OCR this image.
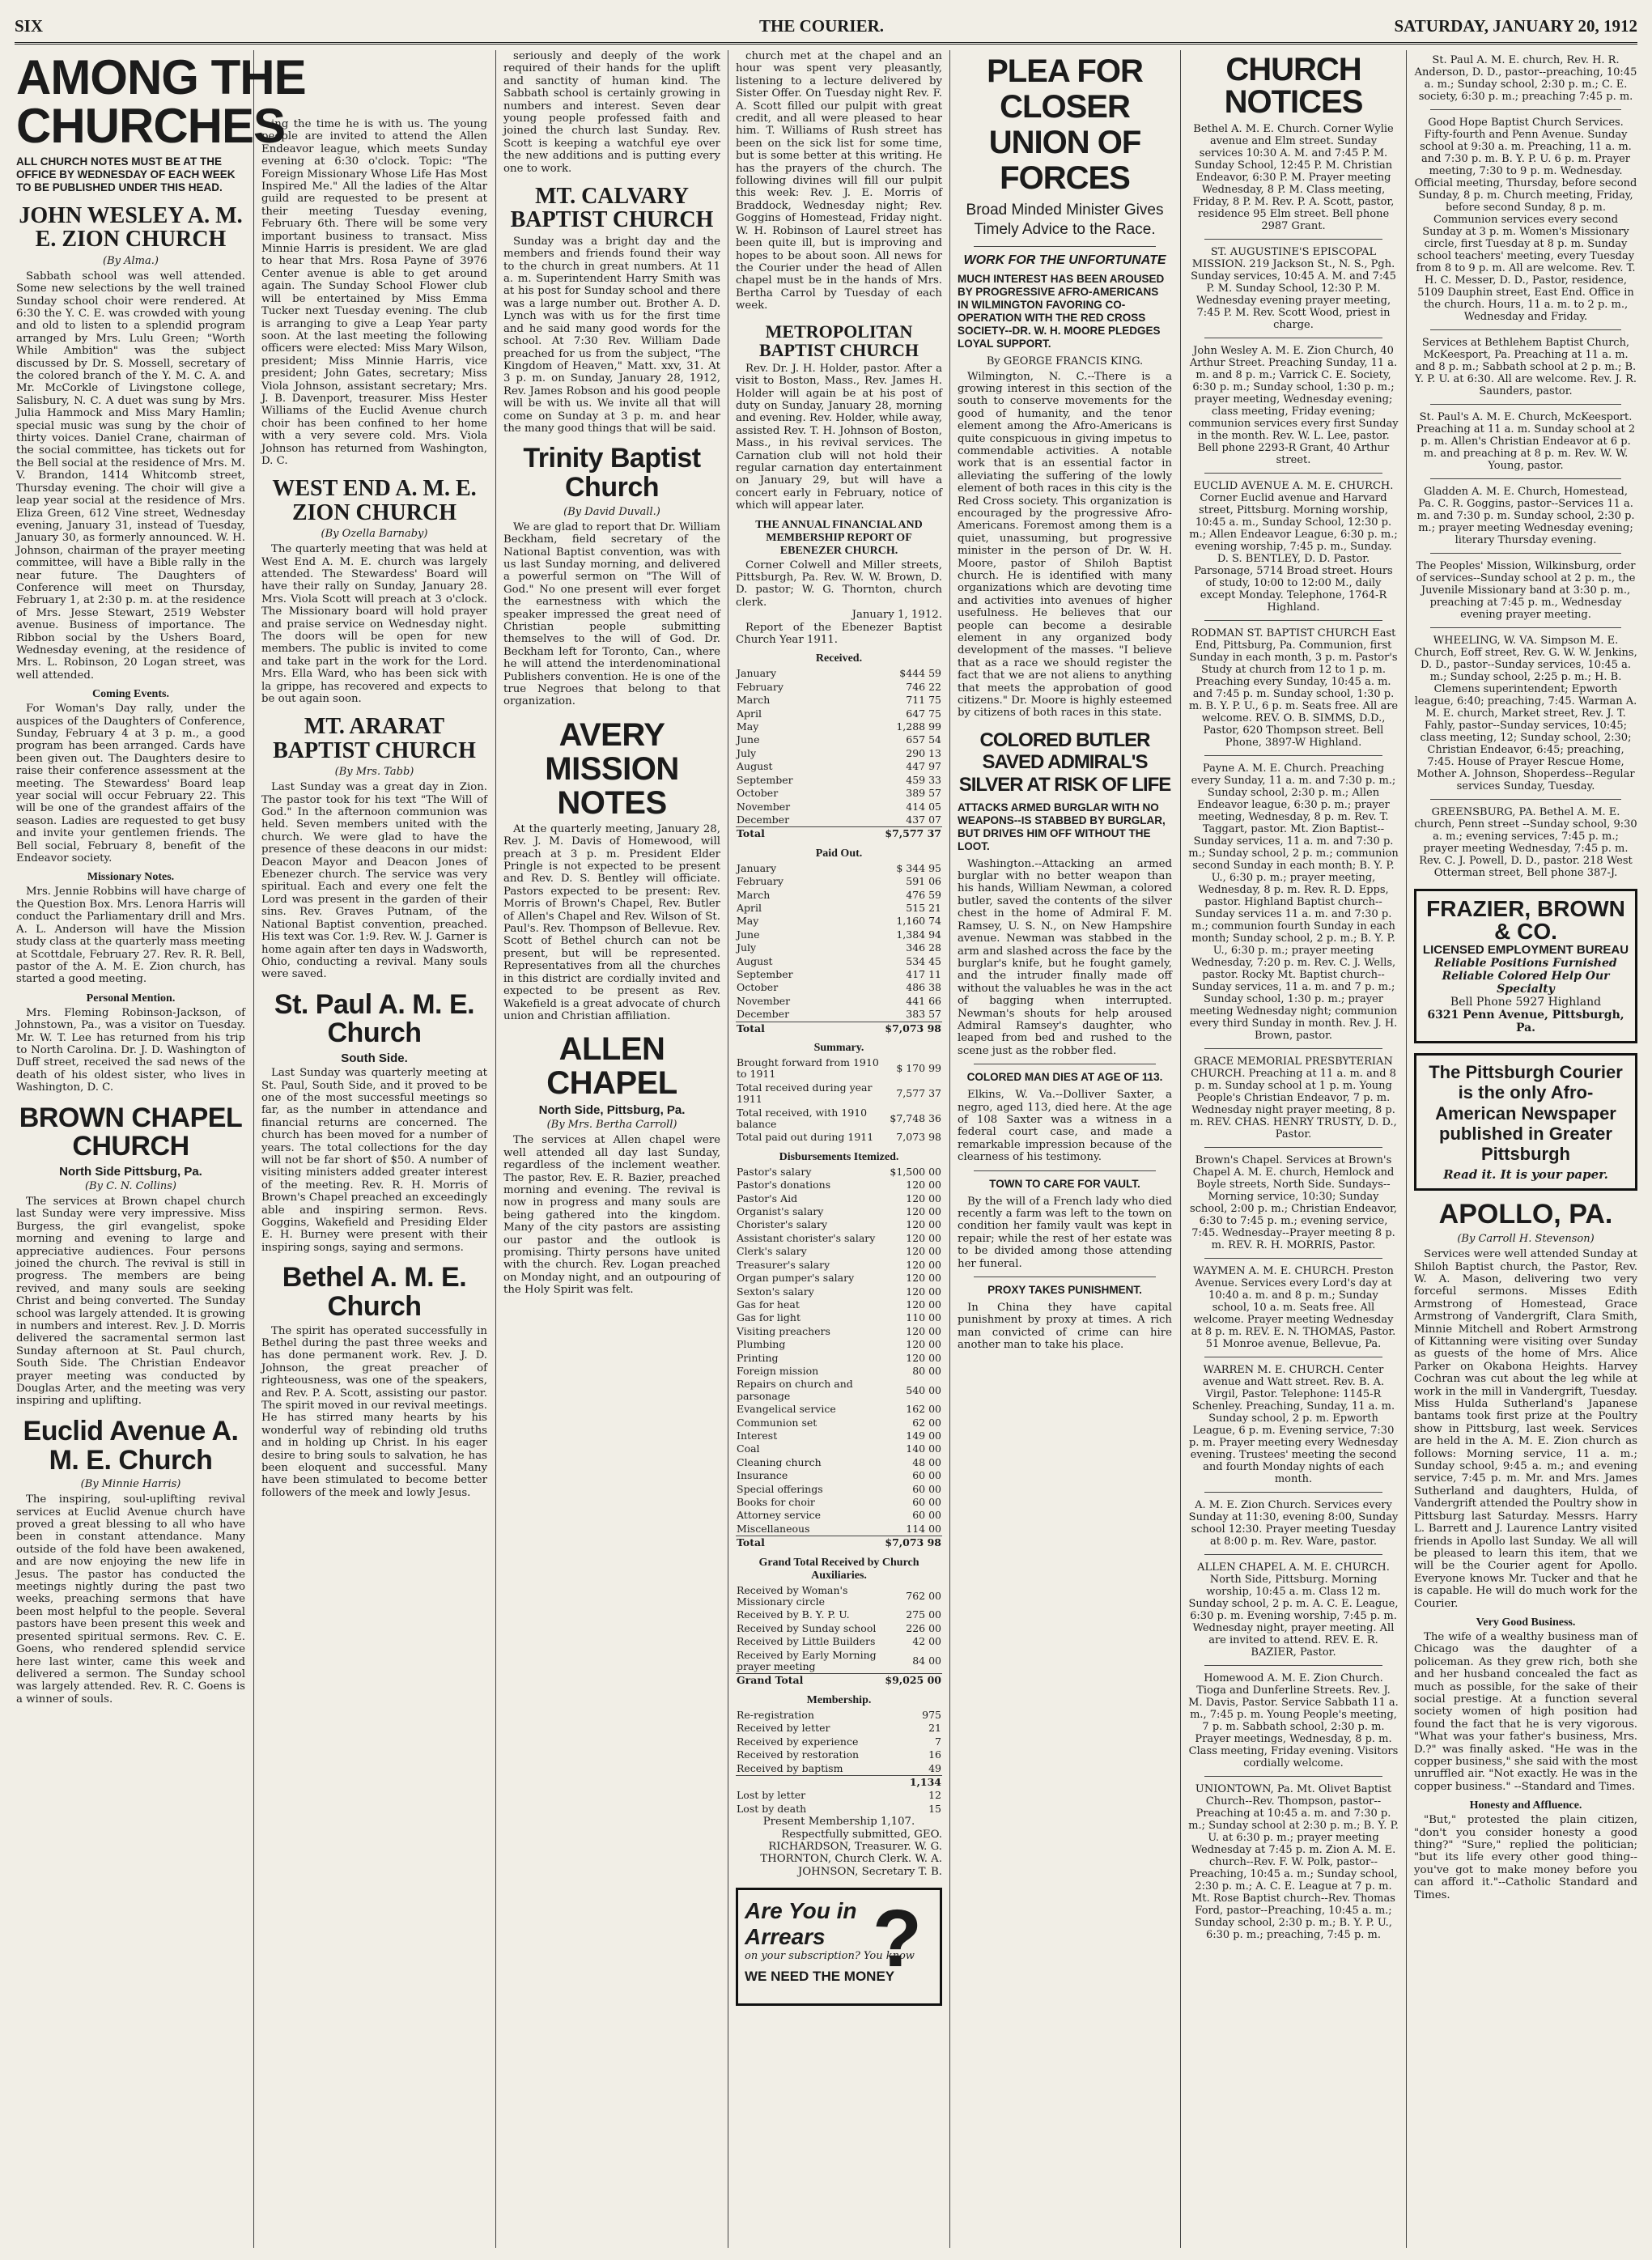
SIX	THE COURIER.	SATURDAY, JANUARY 20, 1912
AMONG THE CHURCHES
ALL CHURCH NOTES MUST BE AT THE OFFICE BY WEDNESDAY OF EACH WEEK TO BE PUBLISHED UNDER THIS HEAD.
JOHN WESLEY A. M. E. ZION CHURCH
(By Alma.)

Sabbath school was well attended. Some new selections by the well trained Sunday school choir were rendered. At 6:30 the Y. C. E. was crowded with young and old to listen to a splendid program arranged by Mrs. Lulu Green; "Worth While Ambition" was the subject discussed by Dr. S. Mossell, secretary of the colored branch of the Y. M. C. A. and Mr. McCorkle of Livingstone college, Salisbury, N. C. A duet was sung by Mrs. Julia Hammock and Miss Mary Hamlin; special music was sung by the choir of thirty voices. Daniel Crane, chairman of the social committee, has tickets out for the Bell social at the residence of Mrs. M. V. Brandon, 1414 Whitcomb street, Thursday evening. The choir will give a leap year social at the residence of Mrs. Eliza Green, 612 Vine street, Wednesday evening, January 31, instead of Tuesday, January 30, as formerly announced. W. H. Johnson, chairman of the prayer meeting committee, will have a Bible rally in the near future. The Daughters of Conference will meet on Thursday, February 1, at 2:30 p. m. at the residence of Mrs. Jesse Stewart, 2519 Webster avenue. Business of importance. The Ribbon social by the Ushers Board, Wednesday evening, at the residence of Mrs. L. Robinson, 20 Logan street, was well attended.

Coming Events.

For Woman's Day rally, under the auspices of the Daughters of Conference, Sunday, February 4 at 3 p. m., a good program has been arranged. Cards have been given out. The Daughters desire to raise their conference assessment at the meeting. The Stewardess' Board leap year social will occur February 22. This will be one of the grandest affairs of the season. Ladies are requested to get busy and invite your gentlemen friends. The Bell social, February 8, benefit of the Endeavor society.

Missionary Notes.

Mrs. Jennie Robbins will have charge of the Question Box. Mrs. Lenora Harris will conduct the Parliamentary drill and Mrs. A. L. Anderson will have the Mission study class at the quarterly mass meeting at Scottdale, February 27. Rev. R. R. Bell, pastor of the A. M. E. Zion church, has started a good meeting.

Personal Mention.

Mrs. Fleming Robinson-Jackson, of Johnstown, Pa., was a visitor on Tuesday. Mr. W. T. Lee has returned from his trip to North Carolina. Dr. J. D. Washington of Duff street, received the sad news of the death of his oldest sister, who lives in Washington, D. C.

BROWN CHAPEL CHURCH
North Side Pittsburg, Pa.
(By C. N. Collins)

The services at Brown chapel church last Sunday were very impressive. Miss Burgess, the girl evangelist, spoke morning and evening to large and appreciative audiences. Four persons joined the church. The revival is still in progress. The members are being revived, and many souls are seeking Christ and being converted. The Sunday school was largely attended. It is growing in numbers and interest. Rev. J. D. Morris delivered the sacramental sermon last Sunday afternoon at St. Paul church, South Side. The Christian Endeavor prayer meeting was conducted by Douglas Arter, and the meeting was very inspiring and uplifting.

Euclid Avenue A. M. E. Church
(By Minnie Harris)

The inspiring, soul-uplifting revival services at Euclid Avenue church have proved a great blessing to all who have been in constant attendance. Many outside of the fold have been awakened, and are now enjoying the new life in Jesus. The pastor has conducted the meetings nightly during the past two weeks, preaching sermons that have been most helpful to the people. Several pastors have been present this week and presented spiritual sermons. Rev. C. E. Goens, who rendered splendid service here last winter, came this week and delivered a sermon. The Sunday school was largely attended. Rev. R. C. Goens is a winner of souls.

ing the time he is with us. The young people are invited to attend the Allen Endeavor league, which meets Sunday evening at 6:30 o'clock. Topic: "The Foreign Missionary Whose Life Has Most Inspired Me." All the ladies of the Altar guild are requested to be present at their meeting Tuesday evening, February 6th. There will be some very important business to transact. Miss Minnie Harris is president. We are glad to hear that Mrs. Rosa Payne of 3976 Center avenue is able to get around again. The Sunday School Flower club will be entertained by Miss Emma Tucker next Tuesday evening. The club is arranging to give a Leap Year party soon. At the last meeting the following officers were elected: Miss Mary Wilson, president; Miss Minnie Harris, vice president; John Gates, secretary; Miss Viola Johnson, assistant secretary; Mrs. J. B. Davenport, treasurer. Miss Hester Williams of the Euclid Avenue church choir has been confined to her home with a very severe cold. Mrs. Viola Johnson has returned from Washington, D. C.

WEST END A. M. E. ZION CHURCH
(By Ozella Barnaby)

The quarterly meeting that was held at West End A. M. E. church was largely attended. The Stewardess' Board will have their rally on Sunday, January 28. Mrs. Viola Scott will preach at 3 o'clock. The Missionary board will hold prayer and praise service on Wednesday night. The doors will be open for new members. The public is invited to come and take part in the work for the Lord. Mrs. Ella Ward, who has been sick with la grippe, has recovered and expects to be out again soon.

MT. ARARAT BAPTIST CHURCH
(By Mrs. Tabb)

Last Sunday was a great day in Zion. The pastor took for his text "The Will of God." In the afternoon communion was held. Seven members united with the church. We were glad to have the presence of these deacons in our midst: Deacon Mayor and Deacon Jones of Ebenezer church. The service was very spiritual. Each and every one felt the Lord was present in the garden of their sins. Rev. Graves Putnam, of the National Baptist convention, preached. His text was Cor. 1:9. Rev. W. J. Garner is home again after ten days in Wadsworth, Ohio, conducting a revival. Many souls were saved.

St. Paul A. M. E. Church
South Side.

Last Sunday was quarterly meeting at St. Paul, South Side, and it proved to be one of the most successful meetings so far, as the number in attendance and financial returns are concerned. The church has been moved for a number of years. The total collections for the day will not be far short of $50. A number of visiting ministers added greater interest of the meeting. Rev. R. H. Morris of Brown's Chapel preached an exceedingly able and inspiring sermon. Revs. Goggins, Wakefield and Presiding Elder E. H. Burney were present with their inspiring songs, saying and sermons.

Bethel A. M. E. Church

The spirit has operated successfully in Bethel during the past three weeks and has done permanent work. Rev. J. D. Johnson, the great preacher of righteousness, was one of the speakers, and Rev. P. A. Scott, assisting our pastor. The spirit moved in our revival meetings. He has stirred many hearts by his wonderful way of rebinding old truths and in holding up Christ. In his eager desire to bring souls to salvation, he has been eloquent and successful. Many have been stimulated to become better followers of the meek and lowly Jesus.

seriously and deeply of the work required of their hands for the uplift and sanctity of human kind. The Sabbath school is certainly growing in numbers and interest. Seven dear young people professed faith and joined the church last Sunday. Rev. Scott is keeping a watchful eye over the new additions and is putting every one to work.

MT. CALVARY BAPTIST CHURCH

Sunday was a bright day and the members and friends found their way to the church in great numbers. At 11 a. m. Superintendent Harry Smith was at his post for Sunday school and there was a large number out. Brother A. D. Lynch was with us for the first time and he said many good words for the school. At 7:30 Rev. William Dade preached for us from the subject, "The Kingdom of Heaven," Matt. xxv, 31. At 3 p. m. on Sunday, January 28, 1912, Rev. James Robson and his good people will be with us. We invite all that will come on Sunday at 3 p. m. and hear the many good things that will be said.

Trinity Baptist Church
(By David Duvall.)

We are glad to report that Dr. William Beckham, field secretary of the National Baptist convention, was with us last Sunday morning, and delivered a powerful sermon on "The Will of God." No one present will ever forget the earnestness with which the speaker impressed the great need of Christian people submitting themselves to the will of God. Dr. Beckham left for Toronto, Can., where he will attend the interdenominational Publishers convention. He is one of the true Negroes that belong to that organization.

AVERY MISSION NOTES

At the quarterly meeting, January 28, Rev. J. M. Davis of Homewood, will preach at 3 p. m. President Elder Pringle is not expected to be present and Rev. D. S. Bentley will officiate. Pastors expected to be present: Rev. Morris of Brown's Chapel, Rev. Butler of Allen's Chapel and Rev. Wilson of St. Paul's. Rev. Thompson of Bellevue. Rev. Scott of Bethel church can not be present, but will be represented. Representatives from all the churches in this district are cordially invited and expected to be present as Rev. Wakefield is a great advocate of church union and Christian affiliation.

ALLEN CHAPEL
North Side, Pittsburg, Pa.
(By Mrs. Bertha Carroll)

The services at Allen chapel were well attended all day last Sunday, regardless of the inclement weather. The pastor, Rev. E. R. Bazier, preached morning and evening. The revival is now in progress and many souls are being gathered into the kingdom. Many of the city pastors are assisting our pastor and the outlook is promising. Thirty persons have united with the church. Rev. Logan preached on Monday night, and an outpouring of the Holy Spirit was felt.

church met at the chapel and an hour was spent very pleasantly, listening to a lecture delivered by Sister Offer. On Tuesday night Rev. F. A. Scott filled our pulpit with great credit, and all were pleased to hear him. T. Williams of Rush street has been on the sick list for some time, but is some better at this writing. He has the prayers of the church. The following divines will fill our pulpit this week: Rev. J. E. Morris of Braddock, Wednesday night; Rev. Goggins of Homestead, Friday night. W. H. Robinson of Laurel street has been quite ill, but is improving and hopes to be about soon. All news for the Courier under the head of Allen chapel must be in the hands of Mrs. Bertha Carrol by Tuesday of each week.

METROPOLITAN BAPTIST CHURCH

Rev. Dr. J. H. Holder, pastor. After a visit to Boston, Mass., Rev. James H. Holder will again be at his post of duty on Sunday, January 28, morning and evening. Rev. Holder, while away, assisted Rev. T. H. Johnson of Boston, Mass., in his revival services. The Carnation club will not hold their regular carnation day entertainment on January 29, but will have a concert early in February, notice of which will appear later.

THE ANNUAL FINANCIAL AND MEMBERSHIP REPORT OF EBENEZER CHURCH.

Corner Colwell and Miller streets, Pittsburgh, Pa. Rev. W. W. Brown, D. D. pastor; W. G. Thornton, church clerk.

January 1, 1912.

Report of the Ebenezer Baptist Church Year 1911.

Received.
January	$444 59
February	746 22
March	711 75
April	647 75
May	1,288 99
June	657 54
July	290 13
August	447 97
September	459 33
October	389 57
November	414 05
December	437 07
Total	$7,577 37
Paid Out.
January	$ 344 95
February	591 06
March	476 59
April	515 21
May	1,160 74
June	1,384 94
July	346 28
August	534 45
September	417 11
October	486 38
November	441 66
December	383 57
Total	$7,073 98
Summary.
Brought forward from 1910 to 1911	$ 170 99
Total received during year 1911	7,577 37
Total received, with 1910 balance	$7,748 36
Total paid out during 1911	7,073 98
Disbursements Itemized.
Pastor's salary	$1,500 00
Pastor's donations	120 00
Pastor's Aid	120 00
Organist's salary	120 00
Chorister's salary	120 00
Assistant chorister's salary	120 00
Clerk's salary	120 00
Treasurer's salary	120 00
Organ pumper's salary	120 00
Sexton's salary	120 00
Gas for heat	120 00
Gas for light	110 00
Visiting preachers	120 00
Plumbing	120 00
Printing	120 00
Foreign mission	80 00
Repairs on church and parsonage	540 00
Evangelical service	162 00
Communion set	62 00
Interest	149 00
Coal	140 00
Cleaning church	48 00
Insurance	60 00
Special offerings	60 00
Books for choir	60 00
Attorney service	60 00
Miscellaneous	114 00
Total	$7,073 98
Grand Total Received by Church Auxiliaries.
Received by Woman's Missionary circle	762 00
Received by B. Y. P. U.	275 00
Received by Sunday school	226 00
Received by Little Builders	42 00
Received by Early Morning prayer meeting	84 00
Grand Total	$9,025 00
Membership.
Re-registration	975
Received by letter	21
Received by experience	7
Received by restoration	16
Received by baptism	49
	1,134
Lost by letter	12
Lost by death	15
Present Membership 1,107.
Respectfully submitted, GEO. RICHARDSON, Treasurer. W. G. THORNTON, Church Clerk. W. A. JOHNSON, Secretary T. B.
Are You in Arrears
on your subscription? You know
WE NEED THE MONEY
?
PLEA FOR CLOSER UNION OF FORCES
Broad Minded Minister Gives Timely Advice to the Race.
WORK FOR THE UNFORTUNATE
MUCH INTEREST HAS BEEN AROUSED BY PROGRESSIVE AFRO-AMERICANS IN WILMINGTON FAVORING CO-OPERATION WITH THE RED CROSS SOCIETY--DR. W. H. MOORE PLEDGES LOYAL SUPPORT.
By GEORGE FRANCIS KING.

Wilmington, N. C.--There is a growing interest in this section of the south to conserve movements for the good of humanity, and the tenor element among the Afro-Americans is quite conspicuous in giving impetus to commendable activities. A notable work that is an essential factor in alleviating the suffering of the lowly element of both races in this city is the Red Cross society. This organization is encouraged by the progressive Afro-Americans. Foremost among them is a quiet, unassuming, but progressive minister in the person of Dr. W. H. Moore, pastor of Shiloh Baptist church. He is identified with many organizations which are devoting time and activities into avenues of higher usefulness. He believes that our people can become a desirable element in any organized body development of the masses. "I believe that as a race we should register the fact that we are not aliens to anything that meets the approbation of good citizens." Dr. Moore is highly esteemed by citizens of both races in this state.

COLORED BUTLER SAVED ADMIRAL'S SILVER AT RISK OF LIFE
ATTACKS ARMED BURGLAR WITH NO WEAPONS--IS STABBED BY BURGLAR, BUT DRIVES HIM OFF WITHOUT THE LOOT.

Washington.--Attacking an armed burglar with no better weapon than his hands, William Newman, a colored butler, saved the contents of the silver chest in the home of Admiral F. M. Ramsey, U. S. N., on New Hampshire avenue. Newman was stabbed in the arm and slashed across the face by the burglar's knife, but he fought gamely, and the intruder finally made off without the valuables he was in the act of bagging when interrupted. Newman's shouts for help aroused Admiral Ramsey's daughter, who leaped from bed and rushed to the scene just as the robber fled.

COLORED MAN DIES AT AGE OF 113.

Elkins, W. Va.--Dolliver Saxter, a negro, aged 113, died here. At the age of 108 Saxter was a witness in a federal court case, and made a remarkable impression because of the clearness of his testimony.

TOWN TO CARE FOR VAULT.

By the will of a French lady who died recently a farm was left to the town on condition her family vault was kept in repair; while the rest of her estate was to be divided among those attending her funeral.

PROXY TAKES PUNISHMENT.

In China they have capital punishment by proxy at times. A rich man convicted of crime can hire another man to take his place.

CHURCH NOTICES
Bethel A. M. E. Church. Corner Wylie avenue and Elm street. Sunday services 10:30 A. M. and 7:45 P. M. Sunday School, 12:45 P. M. Christian Endeavor, 6:30 P. M. Prayer meeting Wednesday, 8 P. M. Class meeting, Friday, 8 P. M. Rev. P. A. Scott, pastor, residence 95 Elm street. Bell phone 2987 Grant.
ST. AUGUSTINE'S EPISCOPAL MISSION. 219 Jackson St., N. S., Pgh. Sunday services, 10:45 A. M. and 7:45 P. M. Sunday School, 12:30 P. M. Wednesday evening prayer meeting, 7:45 P. M. Rev. Scott Wood, priest in charge.
John Wesley A. M. E. Zion Church, 40 Arthur Street. Preaching Sunday, 11 a. m. and 8 p. m.; Varrick C. E. Society, 6:30 p. m.; Sunday school, 1:30 p. m.; prayer meeting, Wednesday evening; class meeting, Friday evening; communion services every first Sunday in the month. Rev. W. L. Lee, pastor. Bell phone 2293-R Grant, 40 Arthur street.
EUCLID AVENUE A. M. E. CHURCH. Corner Euclid avenue and Harvard street, Pittsburg. Morning worship, 10:45 a. m., Sunday School, 12:30 p. m.; Allen Endeavor League, 6:30 p. m.; evening worship, 7:45 p. m., Sunday. D. S. BENTLEY, D. D. Pastor. Parsonage, 5714 Broad street. Hours of study, 10:00 to 12:00 M., daily except Monday. Telephone, 1764-R Highland.
RODMAN ST. BAPTIST CHURCH East End, Pittsburg, Pa. Communion, first Sunday in each month, 3 p. m. Pastor's Study at church from 12 to 1 p. m. Preaching every Sunday, 10:45 a. m. and 7:45 p. m. Sunday school, 1:30 p. m. B. Y. P. U., 6 p. m. Seats free. All are welcome. REV. O. B. SIMMS, D.D., Pastor, 620 Thompson street. Bell Phone, 3897-W Highland.
Payne A. M. E. Church. Preaching every Sunday, 11 a. m. and 7:30 p. m.; Sunday school, 2:30 p. m.; Allen Endeavor league, 6:30 p. m.; prayer meeting, Wednesday, 8 p. m. Rev. T. Taggart, pastor. Mt. Zion Baptist--Sunday services, 11 a. m. and 7:30 p. m.; Sunday school, 2 p. m.; communion second Sunday in each month; B. Y. P. U., 6:30 p. m.; prayer meeting, Wednesday, 8 p. m. Rev. R. D. Epps, pastor. Highland Baptist church--Sunday services 11 a. m. and 7:30 p. m.; communion fourth Sunday in each month; Sunday school, 2 p. m.; B. Y. P. U., 6:30 p. m.; prayer meeting Wednesday, 7:20 p. m. Rev. C. J. Wells, pastor. Rocky Mt. Baptist church--Sunday services, 11 a. m. and 7 p. m.; Sunday school, 1:30 p. m.; prayer meeting Wednesday night; communion every third Sunday in month. Rev. J. H. Brown, pastor.
GRACE MEMORIAL PRESBYTERIAN CHURCH. Preaching at 11 a. m. and 8 p. m. Sunday school at 1 p. m. Young People's Christian Endeavor, 7 p. m. Wednesday night prayer meeting, 8 p. m. REV. CHAS. HENRY TRUSTY, D. D., Pastor.
Brown's Chapel. Services at Brown's Chapel A. M. E. church, Hemlock and Boyle streets, North Side. Sundays--Morning service, 10:30; Sunday school, 2:00 p. m.; Christian Endeavor, 6:30 to 7:45 p. m.; evening service, 7:45. Wednesday--Prayer meeting 8 p. m. REV. R. H. MORRIS, Pastor.
WAYMEN A. M. E. CHURCH. Preston Avenue. Services every Lord's day at 10:40 a. m. and 8 p. m.; Sunday school, 10 a. m. Seats free. All welcome. Prayer meeting Wednesday at 8 p. m. REV. E. N. THOMAS, Pastor. 51 Monroe avenue, Bellevue, Pa.
WARREN M. E. CHURCH. Center avenue and Watt street. Rev. B. A. Virgil, Pastor. Telephone: 1145-R Schenley. Preaching, Sunday, 11 a. m. Sunday school, 2 p. m. Epworth League, 6 p. m. Evening service, 7:30 p. m. Prayer meeting every Wednesday evening. Trustees' meeting the second and fourth Monday nights of each month.
A. M. E. Zion Church. Services every Sunday at 11:30, evening 8:00, Sunday school 12:30. Prayer meeting Tuesday at 8:00 p. m. Rev. Ware, pastor.
ALLEN CHAPEL A. M. E. CHURCH. North Side, Pittsburg. Morning worship, 10:45 a. m. Class 12 m. Sunday school, 2 p. m. A. C. E. League, 6:30 p. m. Evening worship, 7:45 p. m. Wednesday night, prayer meeting. All are invited to attend. REV. E. R. BAZIER, Pastor.
Homewood A. M. E. Zion Church. Tioga and Dunferline Streets. Rev. J. M. Davis, Pastor. Service Sabbath 11 a. m., 7:45 p. m. Young People's meeting, 7 p. m. Sabbath school, 2:30 p. m. Prayer meetings, Wednesday, 8 p. m. Class meeting, Friday evening. Visitors cordially welcome.
UNIONTOWN, Pa. Mt. Olivet Baptist Church--Rev. Thompson, pastor--Preaching at 10:45 a. m. and 7:30 p. m.; Sunday school at 2:30 p. m.; B. Y. P. U. at 6:30 p. m.; prayer meeting Wednesday at 7:45 p. m. Zion A. M. E. church--Rev. F. W. Polk, pastor--Preaching, 10:45 a. m.; Sunday school, 2:30 p. m.; A. C. E. League at 7 p. m. Mt. Rose Baptist church--Rev. Thomas Ford, pastor--Preaching, 10:45 a. m.; Sunday school, 2:30 p. m.; B. Y. P. U., 6:30 p. m.; preaching, 7:45 p. m.
St. Paul A. M. E. church, Rev. H. R. Anderson, D. D., pastor--preaching, 10:45 a. m.; Sunday school, 2:30 p. m.; C. E. society, 6:30 p. m.; preaching 7:45 p. m.
Good Hope Baptist Church Services. Fifty-fourth and Penn Avenue. Sunday school at 9:30 a. m. Preaching, 11 a. m. and 7:30 p. m. B. Y. P. U. 6 p. m. Prayer meeting, 7:30 to 9 p. m. Wednesday. Official meeting, Thursday, before second Sunday, 8 p. m. Church meeting, Friday, before second Sunday, 8 p. m. Communion services every second Sunday at 3 p. m. Women's Missionary circle, first Tuesday at 8 p. m. Sunday school teachers' meeting, every Tuesday from 8 to 9 p. m. All are welcome. Rev. T. H. C. Messer, D. D., Pastor, residence, 5109 Dauphin street, East End. Office in the church. Hours, 11 a. m. to 2 p. m., Wednesday and Friday.
Services at Bethlehem Baptist Church, McKeesport, Pa. Preaching at 11 a. m. and 8 p. m.; Sabbath school at 2 p. m.; B. Y. P. U. at 6:30. All are welcome. Rev. J. R. Saunders, pastor.
St. Paul's A. M. E. Church, McKeesport. Preaching at 11 a. m. Sunday school at 2 p. m. Allen's Christian Endeavor at 6 p. m. and preaching at 8 p. m. Rev. W. W. Young, pastor.
Gladden A. M. E. Church, Homestead, Pa. C. R. Goggins, pastor--Services 11 a. m. and 7:30 p. m. Sunday school, 2:30 p. m.; prayer meeting Wednesday evening; literary Thursday evening.
The Peoples' Mission, Wilkinsburg, order of services--Sunday school at 2 p. m., the Juvenile Missionary band at 3:30 p. m., preaching at 7:45 p. m., Wednesday evening prayer meeting.
WHEELING, W. VA. Simpson M. E. Church, Eoff street, Rev. G. W. W. Jenkins, D. D., pastor--Sunday services, 10:45 a. m.; Sunday school, 2:25 p. m.; H. B. Clemens superintendent; Epworth league, 6:40; preaching, 7:45. Warman A. M. E. church, Market street, Rev. J. T. Fahly, pastor--Sunday services, 10:45; class meeting, 12; Sunday school, 2:30; Christian Endeavor, 6:45; preaching, 7:45. House of Prayer Rescue Home, Mother A. Johnson, Shoperdess--Regular services Sunday, Tuesday.
GREENSBURG, PA. Bethel A. M. E. church, Penn street --Sunday school, 9:30 a. m.; evening services, 7:45 p. m.; prayer meeting Wednesday, 7:45 p. m. Rev. C. J. Powell, D. D., pastor. 218 West Otterman street, Bell phone 387-J.
FRAZIER, BROWN & CO.
LICENSED EMPLOYMENT BUREAU
Reliable Positions Furnished Reliable Colored Help Our Specialty
Bell Phone 5927 Highland
6321 Penn Avenue, Pittsburgh, Pa.
The Pittsburgh Courier is the only Afro-American Newspaper published in Greater Pittsburgh
Read it. It is your paper.
APOLLO, PA.
(By Carroll H. Stevenson)

Services were well attended Sunday at Shiloh Baptist church, the Pastor, Rev. W. A. Mason, delivering two very forceful sermons. Misses Edith Armstrong of Homestead, Grace Armstrong of Vandergrift, Clara Smith, Minnie Mitchell and Robert Armstrong of Kittanning were visiting over Sunday as guests of the home of Mrs. Alice Parker on Okabona Heights. Harvey Cochran was cut about the leg while at work in the mill in Vandergrift, Tuesday. Miss Hulda Sutherland's Japanese bantams took first prize at the Poultry show in Pittsburg, last week. Services are held in the A. M. E. Zion church as follows: Morning service, 11 a. m.; Sunday school, 9:45 a. m.; and evening service, 7:45 p. m. Mr. and Mrs. James Sutherland and daughters, Hulda, of Vandergrift attended the Poultry show in Pittsburg last Saturday. Messrs. Harry L. Barrett and J. Laurence Lantry visited friends in Apollo last Sunday. We all will be pleased to learn this item, that we will be the Courier agent for Apollo. Everyone knows Mr. Tucker and that he is capable. He will do much work for the Courier.

Very Good Business.

The wife of a wealthy business man of Chicago was the daughter of a policeman. As they grew rich, both she and her husband concealed the fact as much as possible, for the sake of their social prestige. At a function several society women of high position had found the fact that he is very vigorous. "What was your father's business, Mrs. D.?" was finally asked. "He was in the copper business," she said with the most unruffled air. "Not exactly. He was in the copper business." --Standard and Times.

Honesty and Affluence.

"But," protested the plain citizen, "don't you consider honesty a good thing?" "Sure," replied the politician; "but its life every other good thing--you've got to make money before you can afford it."--Catholic Standard and Times.
